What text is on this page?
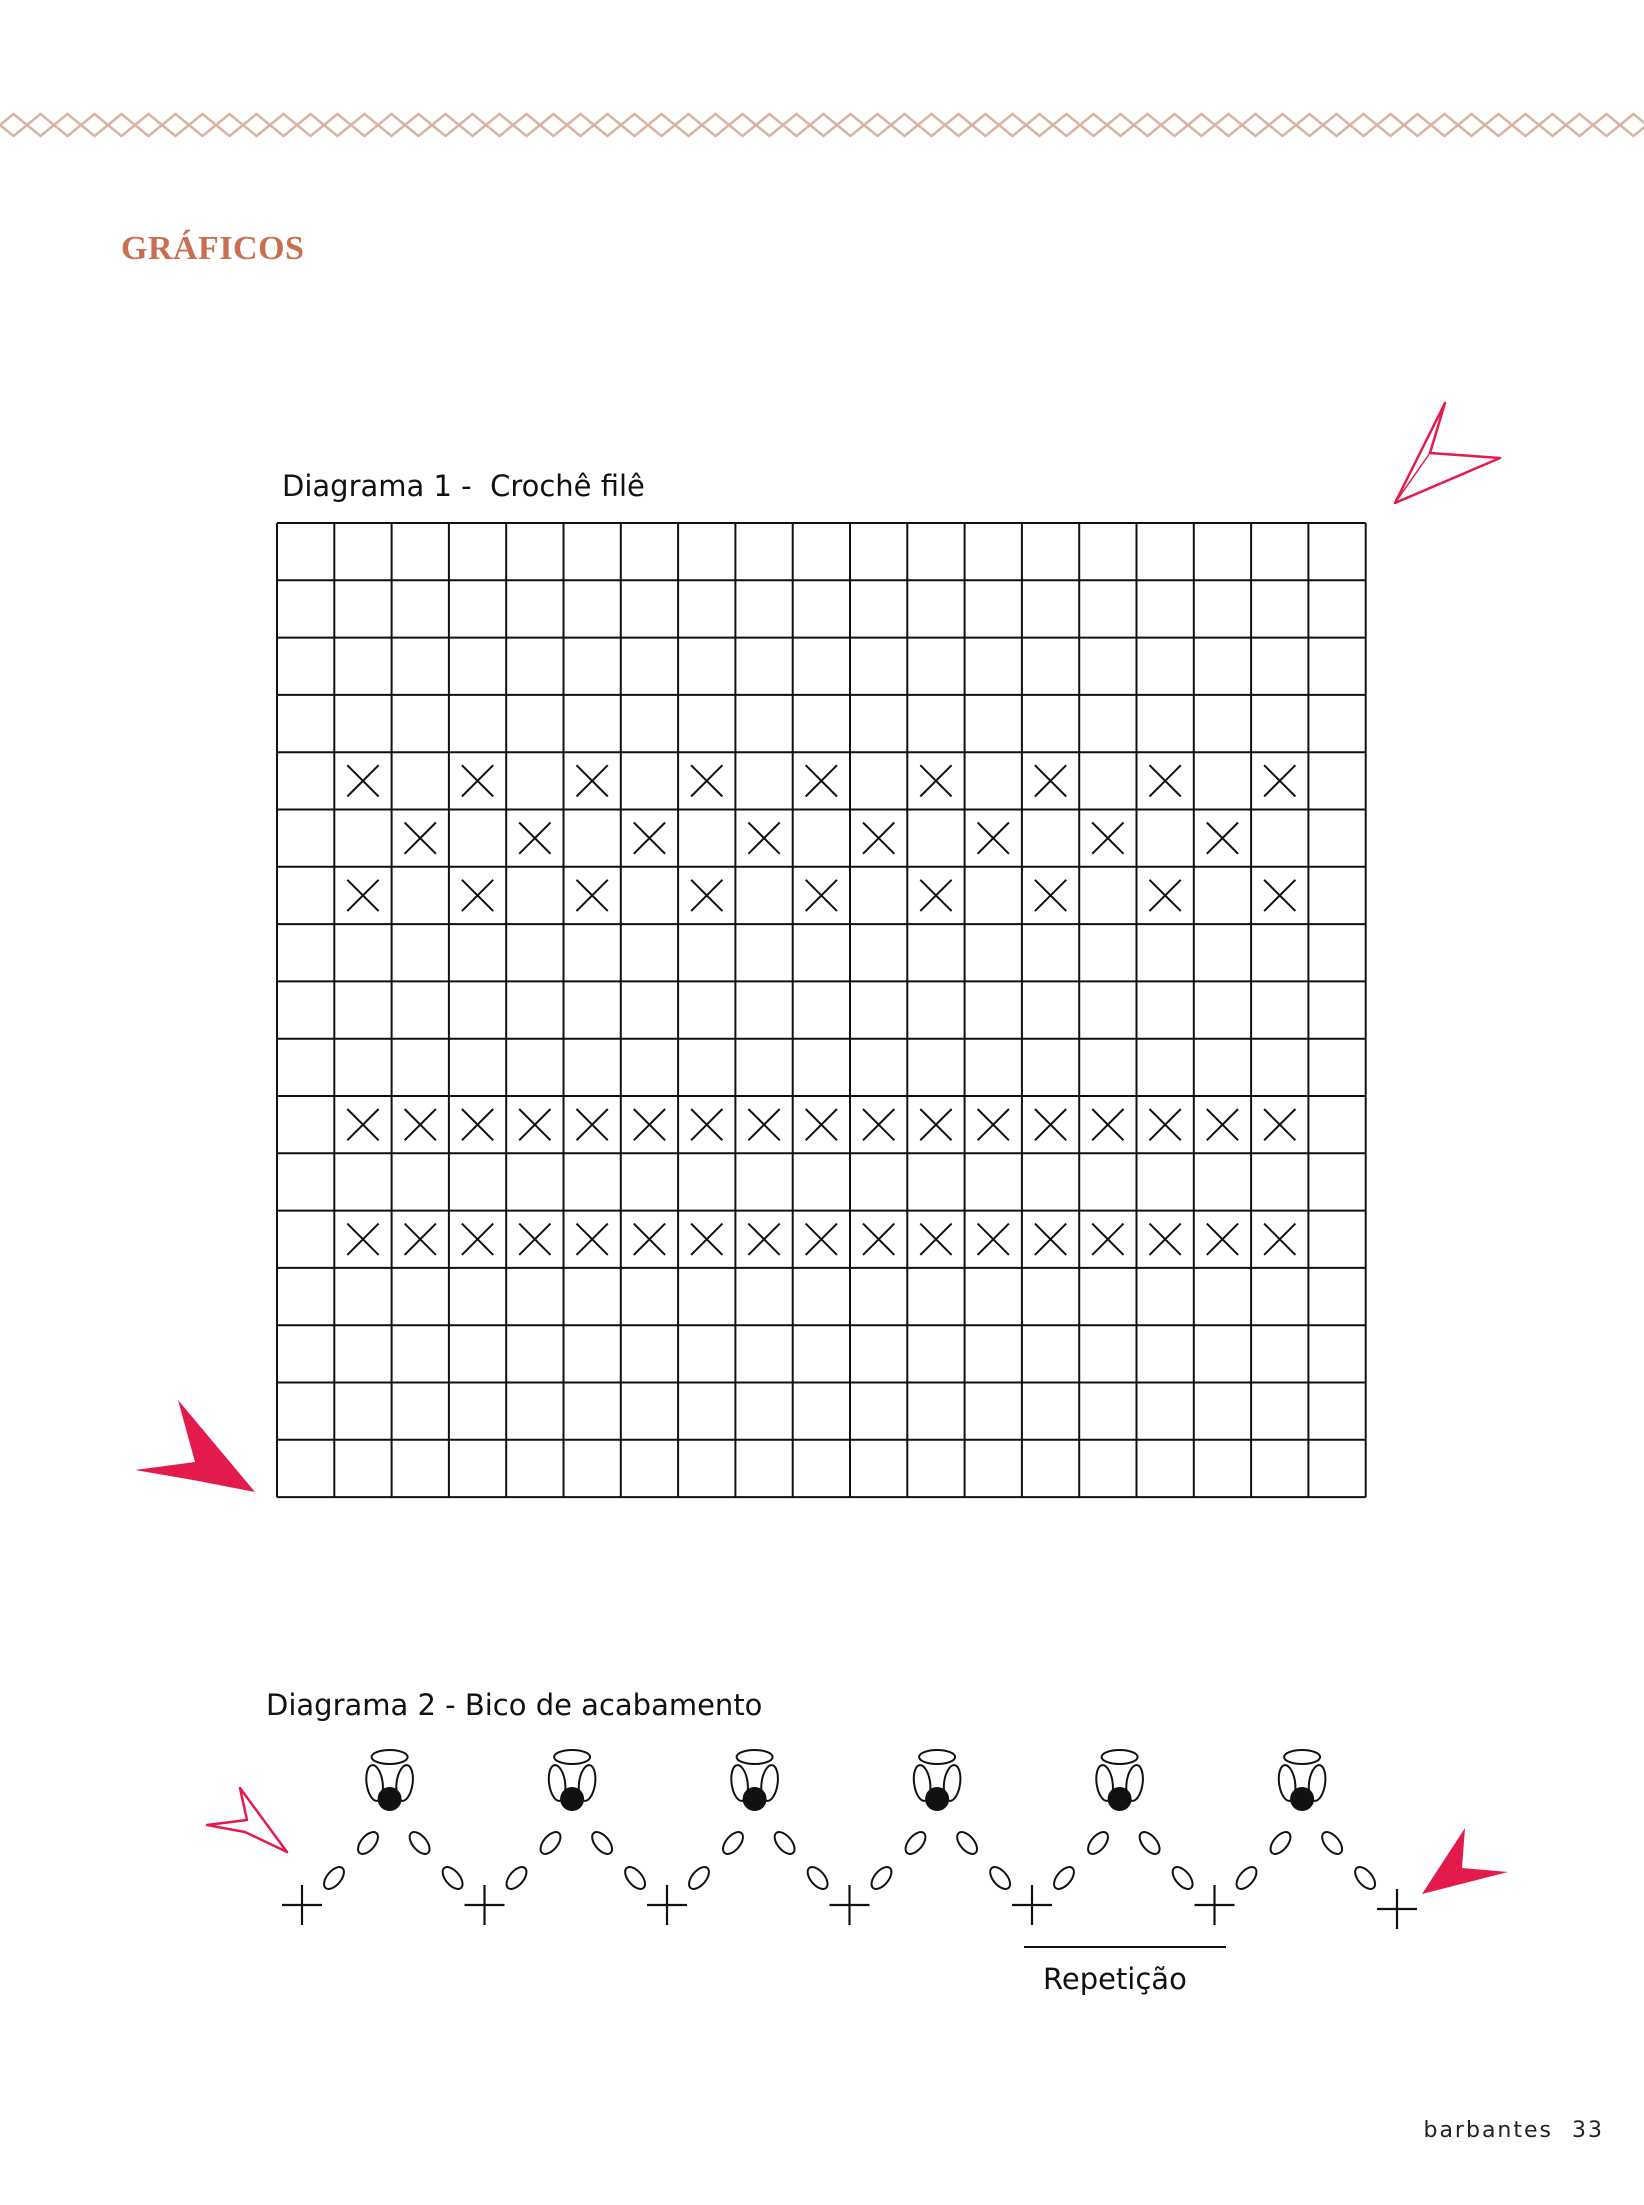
GRÁFICOS
Diagrama 1 -  Crochê filê
Diagrama 2 - Bico de acabamento
Repetição
barbantes 33
